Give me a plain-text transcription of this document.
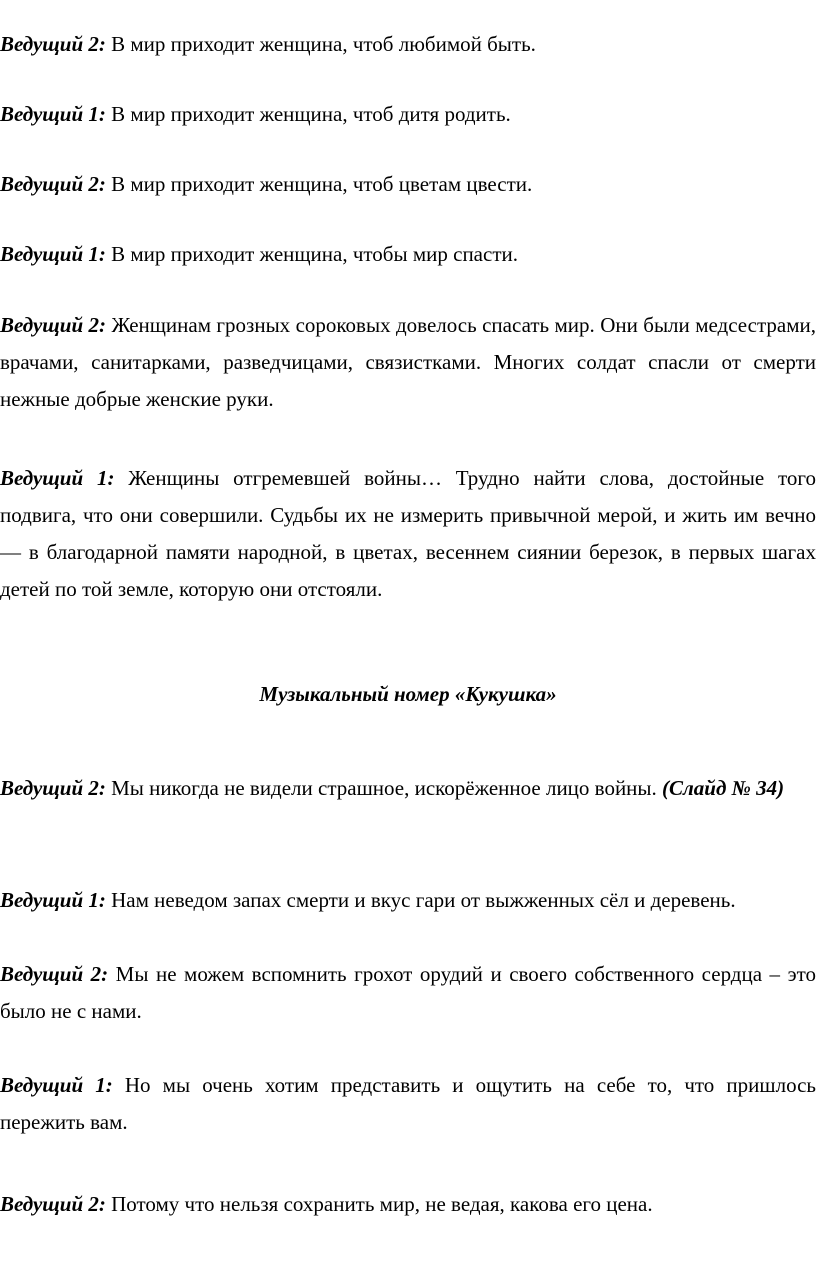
Ведущий 2: В мир приходит женщина, чтоб любимой быть.

Ведущий 1: В мир приходит женщина, чтоб дитя родить.

Ведущий 2: В мир приходит женщина, чтоб цветам цвести.

Ведущий 1: В мир приходит женщина, чтобы мир спасти.

Ведущий 2: Женщинам грозных сороковых довелось спасать мир. Они были медсестрами, врачами, санитарками, разведчицами, связистками. Многих солдат спасли от смерти нежные добрые женские руки.

Ведущий 1: Женщины отгремевшей войны… Трудно найти слова, достойные того подвига, что они совершили. Судьбы их не измерить привычной мерой, и жить им вечно — в благодарной памяти народной, в цветах, весеннем сиянии березок, в первых шагах детей по той земле, которую они отстояли.

Музыкальный номер «Кукушка»

Ведущий 2: Мы никогда не видели страшное, искорёженное лицо войны. (Слайд № 34)

Ведущий 1: Нам неведом запах смерти и вкус гари от выжженных сёл и деревень.

Ведущий 2: Мы не можем вспомнить грохот орудий и своего собственного сердца – это было не с нами.

Ведущий 1: Но мы очень хотим представить и ощутить на себе то, что пришлось пережить вам.

Ведущий 2: Потому что нельзя сохранить мир, не ведая, какова его цена.
